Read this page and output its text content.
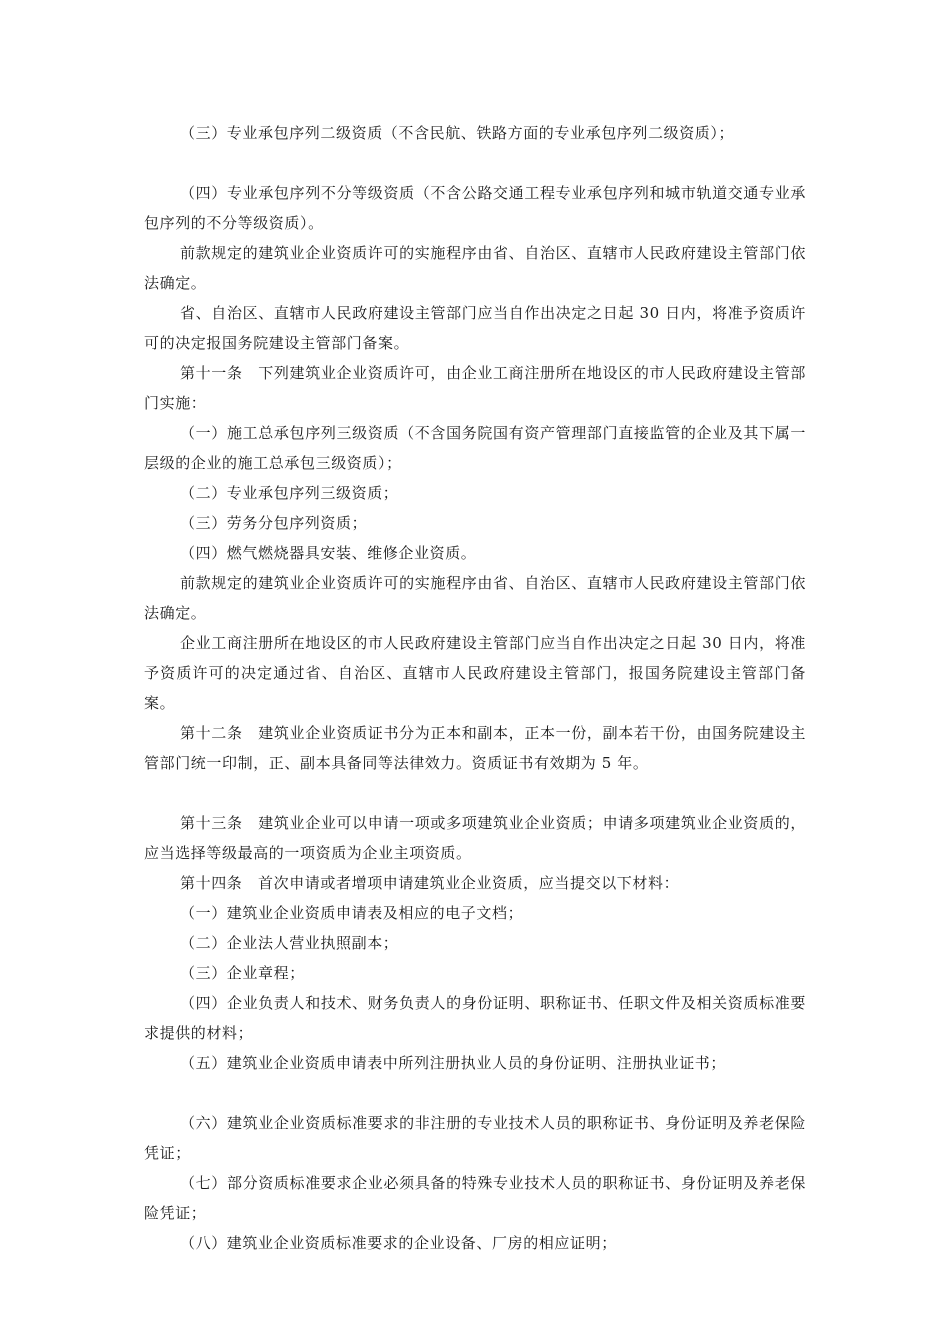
（三）专业承包序列二级资质（不含民航、铁路方面的专业承包序列二级资质）；

（四）专业承包序列不分等级资质（不含公路交通工程专业承包序列和城市轨道交通专业承包序列的不分等级资质）。

前款规定的建筑业企业资质许可的实施程序由省、自治区、直辖市人民政府建设主管部门依法确定。

省、自治区、直辖市人民政府建设主管部门应当自作出决定之日起 30 日内，将准予资质许可的决定报国务院建设主管部门备案。

第十一条　下列建筑业企业资质许可，由企业工商注册所在地设区的市人民政府建设主管部门实施：

（一）施工总承包序列三级资质（不含国务院国有资产管理部门直接监管的企业及其下属一层级的企业的施工总承包三级资质）；

（二）专业承包序列三级资质；

（三）劳务分包序列资质；

（四）燃气燃烧器具安装、维修企业资质。

前款规定的建筑业企业资质许可的实施程序由省、自治区、直辖市人民政府建设主管部门依法确定。

企业工商注册所在地设区的市人民政府建设主管部门应当自作出决定之日起 30 日内，将准予资质许可的决定通过省、自治区、直辖市人民政府建设主管部门，报国务院建设主管部门备案。

第十二条　建筑业企业资质证书分为正本和副本，正本一份，副本若干份，由国务院建设主管部门统一印制，正、副本具备同等法律效力。资质证书有效期为 5 年。

第十三条　建筑业企业可以申请一项或多项建筑业企业资质；申请多项建筑业企业资质的，应当选择等级最高的一项资质为企业主项资质。

第十四条　首次申请或者增项申请建筑业企业资质，应当提交以下材料：

（一）建筑业企业资质申请表及相应的电子文档；

（二）企业法人营业执照副本；

（三）企业章程；

（四）企业负责人和技术、财务负责人的身份证明、职称证书、任职文件及相关资质标准要求提供的材料；

（五）建筑业企业资质申请表中所列注册执业人员的身份证明、注册执业证书；

（六）建筑业企业资质标准要求的非注册的专业技术人员的职称证书、身份证明及养老保险凭证；

（七）部分资质标准要求企业必须具备的特殊专业技术人员的职称证书、身份证明及养老保险凭证；

（八）建筑业企业资质标准要求的企业设备、厂房的相应证明；
